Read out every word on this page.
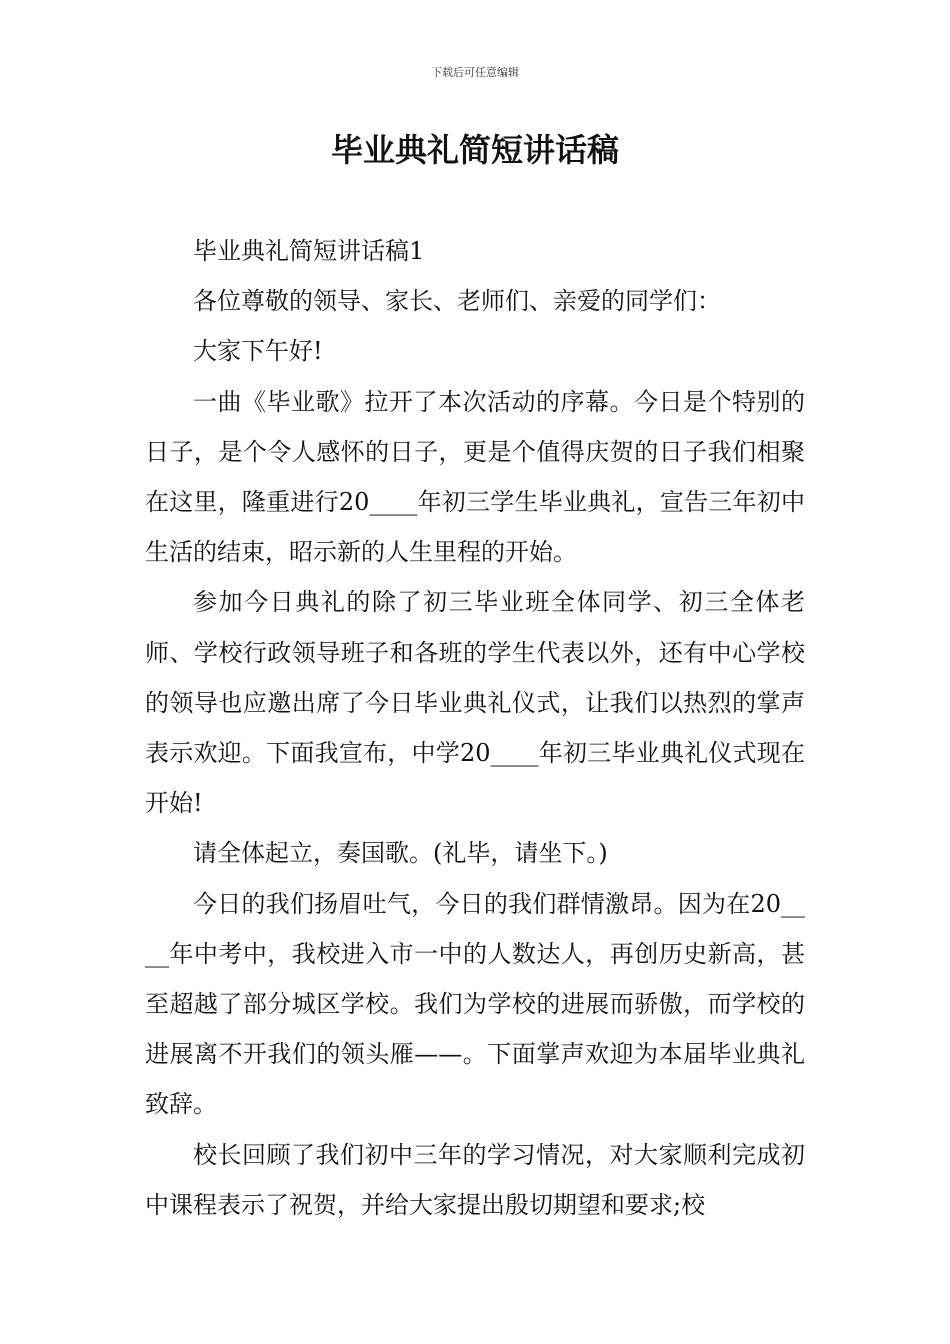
下载后可任意编辑
毕业典礼简短讲话稿

毕业典礼简短讲话稿1

各位尊敬的领导、家长、老师们、亲爱的同学们：

大家下午好!

一曲《毕业歌》拉开了本次活动的序幕。今日是个特别的日子，是个令人感怀的日子，更是个值得庆贺的日子我们相聚在这里，隆重进行20____年初三学生毕业典礼，宣告三年初中生活的结束，昭示新的人生里程的开始。

参加今日典礼的除了初三毕业班全体同学、初三全体老师、学校行政领导班子和各班的学生代表以外，还有中心学校的领导也应邀出席了今日毕业典礼仪式，让我们以热烈的掌声表示欢迎。下面我宣布，中学20____年初三毕业典礼仪式现在开始!

请全体起立，奏国歌。(礼毕，请坐下。)

今日的我们扬眉吐气，今日的我们群情激昂。因为在20____年中考中，我校进入市一中的人数达人，再创历史新高，甚至超越了部分城区学校。我们为学校的进展而骄傲，而学校的进展离不开我们的领头雁——。下面掌声欢迎为本届毕业典礼致辞。

校长回顾了我们初中三年的学习情况，对大家顺利完成初中课程表示了祝贺，并给大家提出殷切期望和要求;校
